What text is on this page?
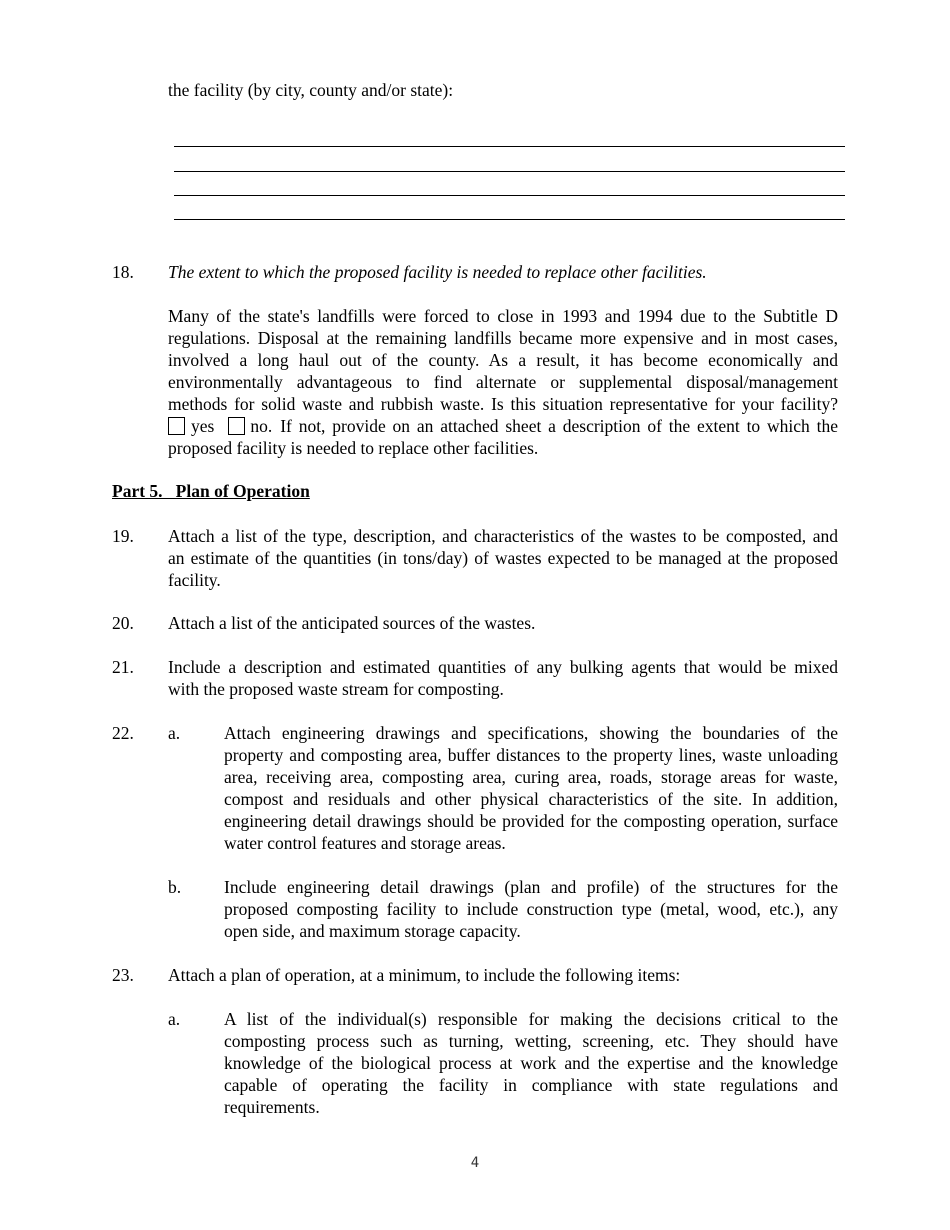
the facility (by city, county and/or state):
18. The extent to which the proposed facility is needed to replace other facilities.
Many of the state's landfills were forced to close in 1993 and 1994 due to the Subtitle D
regulations. Disposal at the remaining landfills became more expensive and in most cases,
involved a long haul out of the county. As a result, it has become economically and
environmentally advantageous to find alternate or supplemental disposal/management
methods for solid waste and rubbish waste. Is this situation representative for your facility?
yes no. If not, provide on an attached sheet a description of the extent to which the
proposed facility is needed to replace other facilities.
Part 5.   Plan of Operation
19. Attach a list of the type, description, and characteristics of the wastes to be composted, and
an estimate of the quantities (in tons/day) of wastes expected to be managed at the proposed
facility.
20. Attach a list of the anticipated sources of the wastes.
21. Include a description and estimated quantities of any bulking agents that would be mixed
with the proposed waste stream for composting.
22. a.	Attach engineering drawings and specifications, showing the boundaries of the
property and composting area, buffer distances to the property lines, waste unloading
area, receiving area, composting area, curing area, roads, storage areas for waste,
compost and residuals and other physical characteristics of the site. In addition,
engineering detail drawings should be provided for the composting operation, surface
water control features and storage areas.
b. Include engineering detail drawings (plan and profile) of the structures for the
proposed composting facility to include construction type (metal, wood, etc.), any
open side, and maximum storage capacity.
23. Attach a plan of operation, at a minimum, to include the following items:
a.	A list of the individual(s) responsible for making the decisions critical to the
composting process such as turning, wetting, screening, etc. They should have
knowledge of the biological process at work and the expertise and the knowledge
capable of operating the facility in compliance with state regulations and
requirements.
4
